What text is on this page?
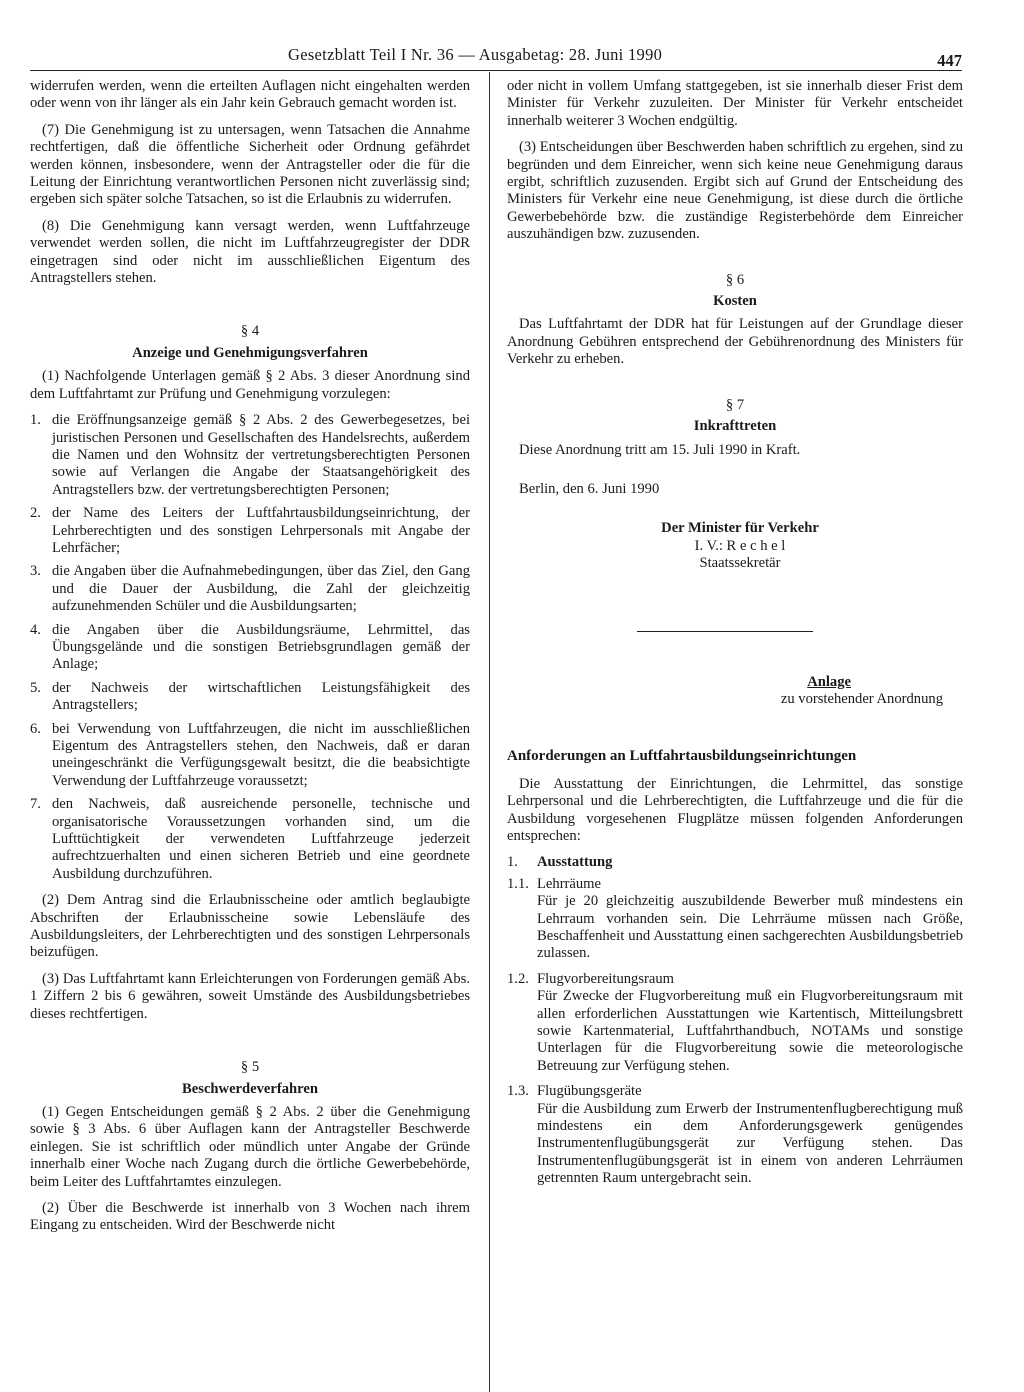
Gesetzblatt Teil I Nr. 36 — Ausgabetag: 28. Juni 1990	447

widerrufen werden, wenn die erteilten Auflagen nicht eingehalten werden oder wenn von ihr länger als ein Jahr kein Gebrauch gemacht worden ist.

(7) Die Genehmigung ist zu untersagen, wenn Tatsachen die Annahme rechtfertigen, daß die öffentliche Sicherheit oder Ordnung gefährdet werden können, insbesondere, wenn der Antragsteller oder die für die Leitung der Einrichtung verantwortlichen Personen nicht zuverlässig sind; ergeben sich später solche Tatsachen, so ist die Erlaubnis zu widerrufen.

(8) Die Genehmigung kann versagt werden, wenn Luftfahrzeuge verwendet werden sollen, die nicht im Luftfahrzeugregister der DDR eingetragen sind oder nicht im ausschließlichen Eigentum des Antragstellers stehen.

§ 4
Anzeige und Genehmigungsverfahren

(1) Nachfolgende Unterlagen gemäß § 2 Abs. 3 dieser Anordnung sind dem Luftfahrtamt zur Prüfung und Genehmigung vorzulegen:

1. die Eröffnungsanzeige gemäß § 2 Abs. 2 des Gewerbegesetzes, bei juristischen Personen und Gesellschaften des Handelsrechts, außerdem die Namen und den Wohnsitz der vertretungsberechtigten Personen sowie auf Verlangen die Angabe der Staatsangehörigkeit des Antragstellers bzw. der vertretungsberechtigten Personen;
2. der Name des Leiters der Luftfahrtausbildungseinrichtung, der Lehrberechtigten und des sonstigen Lehrpersonals mit Angabe der Lehrfächer;
3. die Angaben über die Aufnahmebedingungen, über das Ziel, den Gang und die Dauer der Ausbildung, die Zahl der gleichzeitig aufzunehmenden Schüler und die Ausbildungsarten;
4. die Angaben über die Ausbildungsräume, Lehrmittel, das Übungsgelände und die sonstigen Betriebsgrundlagen gemäß der Anlage;
5. der Nachweis der wirtschaftlichen Leistungsfähigkeit des Antragstellers;
6. bei Verwendung von Luftfahrzeugen, die nicht im ausschließlichen Eigentum des Antragstellers stehen, den Nachweis, daß er daran uneingeschränkt die Verfügungsgewalt besitzt, die die beabsichtigte Verwendung der Luftfahrzeuge voraussetzt;
7. den Nachweis, daß ausreichende personelle, technische und organisatorische Voraussetzungen vorhanden sind, um die Lufttüchtigkeit der verwendeten Luftfahrzeuge jederzeit aufrechtzuerhalten und einen sicheren Betrieb und eine geordnete Ausbildung durchzuführen.

(2) Dem Antrag sind die Erlaubnisscheine oder amtlich beglaubigte Abschriften der Erlaubnisscheine sowie Lebensläufe des Ausbildungsleiters, der Lehrberechtigten und des sonstigen Lehrpersonals beizufügen.

(3) Das Luftfahrtamt kann Erleichterungen von Forderungen gemäß Abs. 1 Ziffern 2 bis 6 gewähren, soweit Umstände des Ausbildungsbetriebes dieses rechtfertigen.

§ 5
Beschwerdeverfahren

(1) Gegen Entscheidungen gemäß § 2 Abs. 2 über die Genehmigung sowie § 3 Abs. 6 über Auflagen kann der Antragsteller Beschwerde einlegen. Sie ist schriftlich oder mündlich unter Angabe der Gründe innerhalb einer Woche nach Zugang durch die örtliche Gewerbebehörde, beim Leiter des Luftfahrtamtes einzulegen.

(2) Über die Beschwerde ist innerhalb von 3 Wochen nach ihrem Eingang zu entscheiden. Wird der Beschwerde nicht

oder nicht in vollem Umfang stattgegeben, ist sie innerhalb dieser Frist dem Minister für Verkehr zuzuleiten. Der Minister für Verkehr entscheidet innerhalb weiterer 3 Wochen endgültig.

(3) Entscheidungen über Beschwerden haben schriftlich zu ergehen, sind zu begründen und dem Einreicher, wenn sich keine neue Genehmigung daraus ergibt, schriftlich zuzusenden. Ergibt sich auf Grund der Entscheidung des Ministers für Verkehr eine neue Genehmigung, ist diese durch die örtliche Gewerbebehörde bzw. die zuständige Registerbehörde dem Einreicher auszuhändigen bzw. zuzusenden.

§ 6
Kosten

Das Luftfahrtamt der DDR hat für Leistungen auf der Grundlage dieser Anordnung Gebühren entsprechend der Gebührenordnung des Ministers für Verkehr zu erheben.

§ 7
Inkrafttreten

Diese Anordnung tritt am 15. Juli 1990 in Kraft.

Berlin, den 6. Juni 1990

Der Minister für Verkehr

I. V.: R e c h e l

Staatssekretär

Anlage
zu vorstehender Anordnung
Anforderungen an Luftfahrtausbildungseinrichtungen

Die Ausstattung der Einrichtungen, die Lehrmittel, das sonstige Lehrpersonal und die Lehrberechtigten, die Luftfahrzeuge und die für die Ausbildung vorgesehenen Flugplätze müssen folgenden Anforderungen entsprechen:

1.	Ausstattung
1.1. Lehrräume

Für je 20 gleichzeitig auszubildende Bewerber muß mindestens ein Lehrraum vorhanden sein. Die Lehrräume müssen nach Größe, Beschaffenheit und Ausstattung einen sachgerechten Ausbildungsbetrieb zulassen.

1.2. Flugvorbereitungsraum

Für Zwecke der Flugvorbereitung muß ein Flugvorbereitungsraum mit allen erforderlichen Ausstattungen wie Kartentisch, Mitteilungsbrett sowie Kartenmaterial, Luftfahrthandbuch, NOTAMs und sonstige Unterlagen für die Flugvorbereitung sowie die meteorologische Betreuung zur Verfügung stehen.

1.3. Flugübungsgeräte

Für die Ausbildung zum Erwerb der Instrumentenflugberechtigung muß mindestens ein dem Anforderungsgewerk genügendes Instrumentenflugübungsgerät zur Verfügung stehen. Das Instrumentenflugübungsgerät ist in einem von anderen Lehrräumen getrennten Raum untergebracht sein.
